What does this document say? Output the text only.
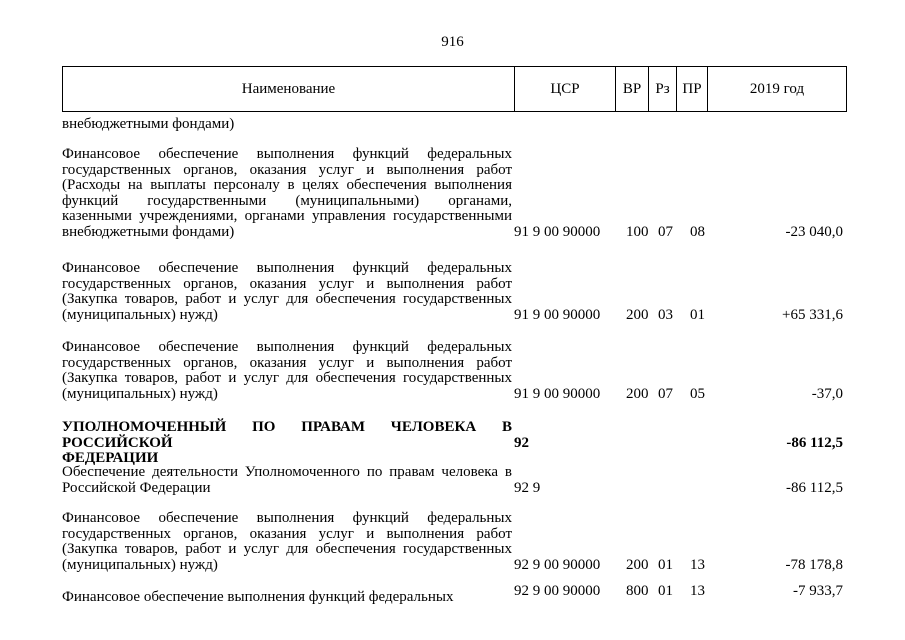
916
Наименование	ЦСР	ВР Рз ПР	2019 год
внебюджетными фондами)
Финансовое обеспечение выполнения функций федеральных
государственных органов, оказания услуг и выполнения работ
(Расходы на выплаты персоналу в целях обеспечения выполнения
функций государственными (муниципальными) органами,
казенными учреждениями, органами управления государственными
внебюджетными фондами)	91 9 00 90000 100 07 08	-23 040,0
Финансовое обеспечение выполнения функций федеральных
государственных органов, оказания услуг и выполнения работ
(Закупка товаров, работ и услуг для обеспечения государственных
(муниципальных) нужд)	91 9 00 90000 200 03 01	+65 331,6
Финансовое обеспечение выполнения функций федеральных
государственных органов, оказания услуг и выполнения работ
(Закупка товаров, работ и услуг для обеспечения государственных
(муниципальных) нужд)	91 9 00 90000 200 07 05	-37,0
УПОЛНОМОЧЕННЫЙ ПО ПРАВАМ ЧЕЛОВЕКА В РОССИЙСКОЙ
ФЕДЕРАЦИИ
92	-86 112,5
Обеспечение деятельности Уполномоченного по правам человека в
Российской Федерации	92 9	-86 112,5
Финансовое обеспечение выполнения функций федеральных
государственных органов, оказания услуг и выполнения работ
(Закупка товаров, работ и услуг для обеспечения государственных
(муниципальных) нужд)	92 9 00 90000 200 01 13	-78 178,8
Финансовое обеспечение выполнения функций федеральных	92 9 00 90000 800 01 13	-7 933,7
